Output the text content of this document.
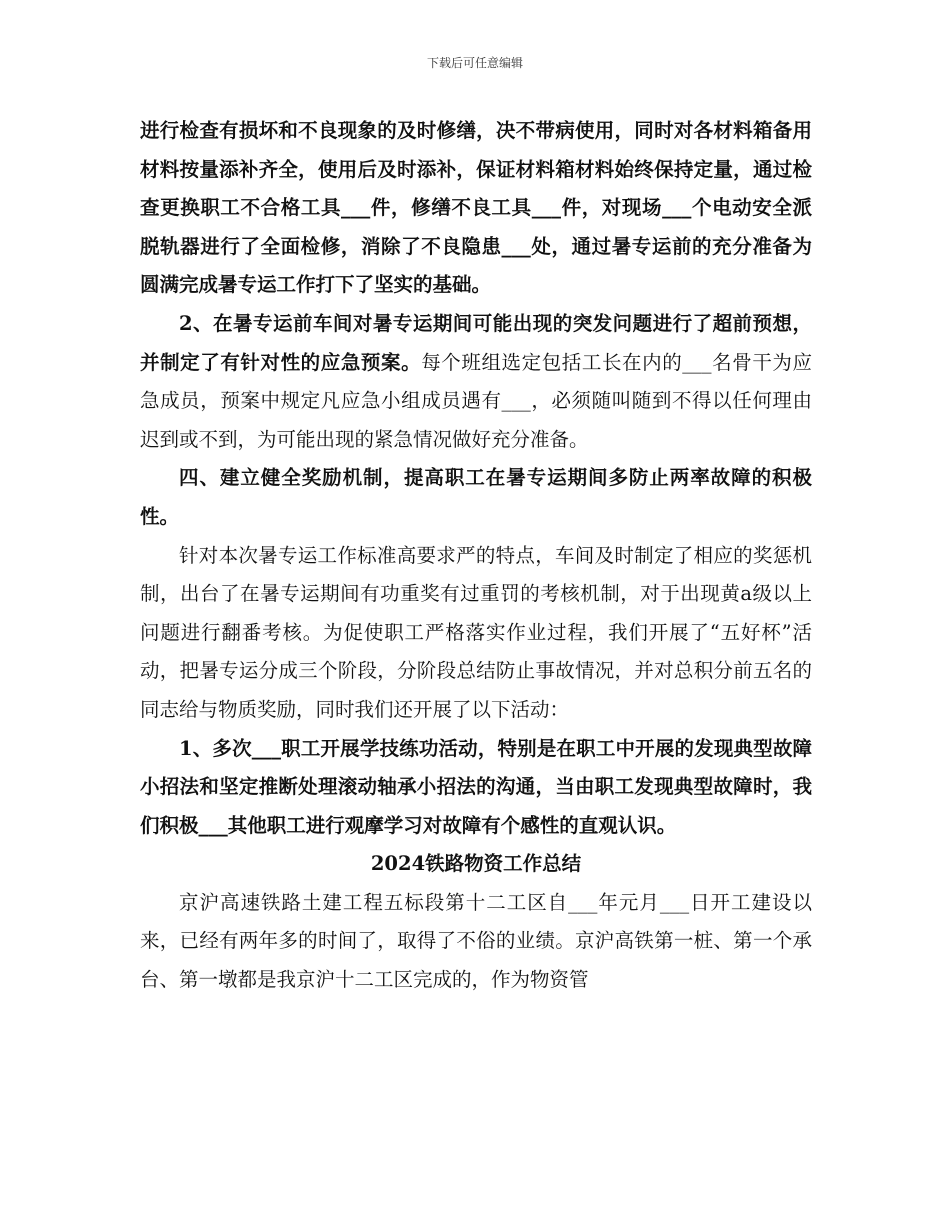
下载后可任意编辑

进行检查有损坏和不良现象的及时修缮，决不带病使用，同时对各材料箱备用材料按量添补齐全，使用后及时添补，保证材料箱材料始终保持定量，通过检查更换职工不合格工具___件，修缮不良工具___件，对现场___个电动安全派脱轨器进行了全面检修，消除了不良隐患___处，通过暑专运前的充分准备为圆满完成暑专运工作打下了坚实的基础。

2、在暑专运前车间对暑专运期间可能出现的突发问题进行了超前预想，并制定了有针对性的应急预案。每个班组选定包括工长在内的___名骨干为应急成员，预案中规定凡应急小组成员遇有___，必须随叫随到不得以任何理由迟到或不到，为可能出现的紧急情况做好充分准备。

四、建立健全奖励机制，提高职工在暑专运期间多防止两率故障的积极性。

针对本次暑专运工作标准高要求严的特点，车间及时制定了相应的奖惩机制，出台了在暑专运期间有功重奖有过重罚的考核机制，对于出现黄a级以上问题进行翻番考核。为促使职工严格落实作业过程，我们开展了“五好杯”活动，把暑专运分成三个阶段，分阶段总结防止事故情况，并对总积分前五名的同志给与物质奖励，同时我们还开展了以下活动：

1、多次___职工开展学技练功活动，特别是在职工中开展的发现典型故障小招法和坚定推断处理滚动轴承小招法的沟通，当由职工发现典型故障时，我们积极___其他职工进行观摩学习对故障有个感性的直观认识。

2024铁路物资工作总结

京沪高速铁路土建工程五标段第十二工区自___年元月___日开工建设以来，已经有两年多的时间了，取得了不俗的业绩。京沪高铁第一桩、第一个承台、第一墩都是我京沪十二工区完成的，作为物资管
